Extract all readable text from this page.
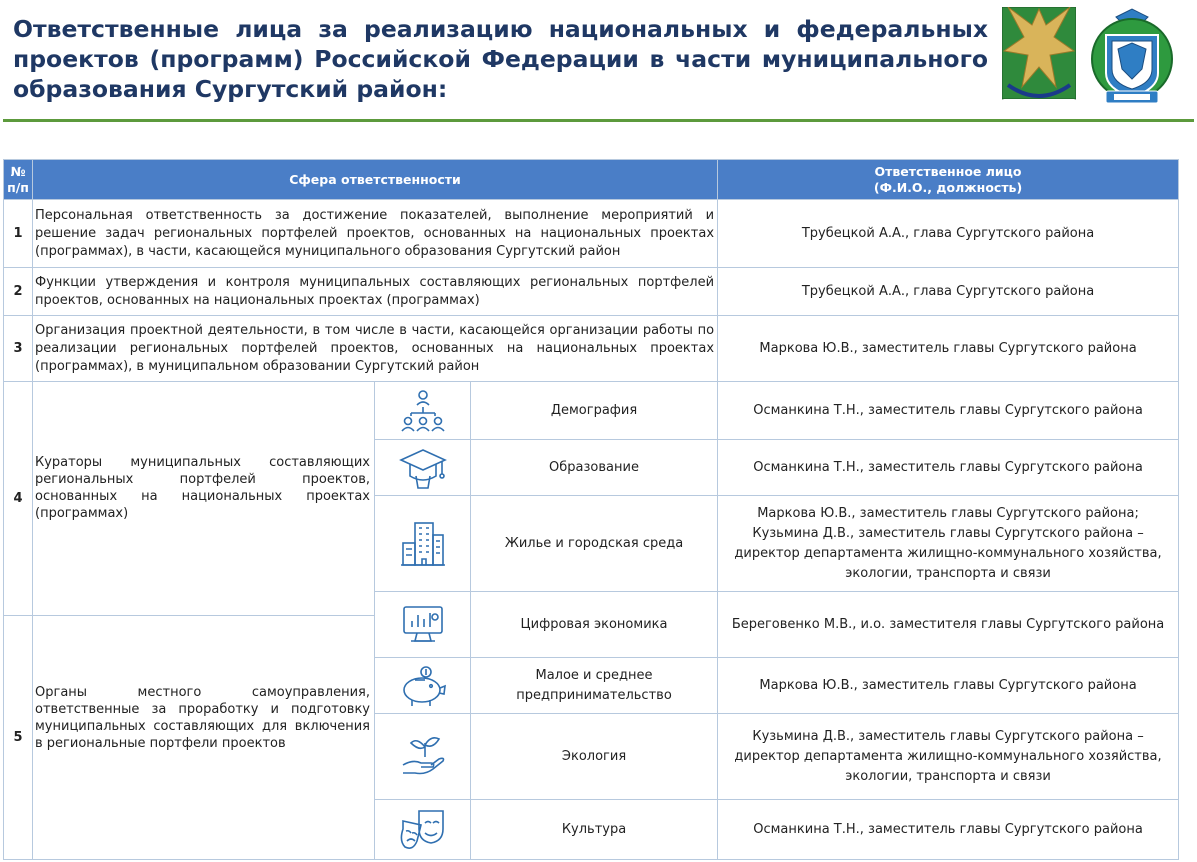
Ответственные лица за реализацию национальных и федеральных проектов (программ) Российской Федерации в части муниципального образования Сургутский район:
№ п/п	Сфера ответственности			Ответственное лицо
(Ф.И.О., должность)

1	Персональная ответственность за достижение показателей, выполнение мероприятий и решение задач региональных портфелей проектов, основанных на национальных проектах (программах), в части, касающейся муниципального образования Сургутский район			Трубецкой А.А., глава Сургутского района
2	Функции утверждения и контроля муниципальных составляющих региональных портфелей проектов, основанных на национальных проектах (программах)			Трубецкой А.А., глава Сургутского района
3	Организация проектной деятельности, в том числе в части, касающейся организации работы по реализации региональных портфелей проектов, основанных на национальных проектах (программах), в муниципальном образовании Сургутский район			Маркова Ю.В., заместитель главы Сургутского района
4	Кураторы муниципальных составляющих региональных портфелей проектов, основанных на национальных проектах (программах)		Демография	Османкина Т.Н., заместитель главы Сургутского района

	Образование	Османкина Т.Н., заместитель главы Сургутского района

	Жилье и городская среда	Маркова Ю.В., заместитель главы Сургутского района;
Кузьмина Д.В., заместитель главы Сургутского района –
директор департамента жилищно-коммунального хозяйства,
экологии, транспорта и связи

	Цифровая экономика	Береговенко М.В., и.о. заместителя главы Сургутского района
5	Органы местного самоуправления, ответственные за проработку и подготовку муниципальных составляющих для включения в региональные портфели проектов			

Малое и среднее
предпринимательство	Маркова Ю.В., заместитель главы Сургутского района

	Экология	Кузьмина Д.В., заместитель главы Сургутского района –
директор департамента жилищно-коммунального хозяйства,
экологии, транспорта и связи

	Культура	Османкина Т.Н., заместитель главы Сургутского района
